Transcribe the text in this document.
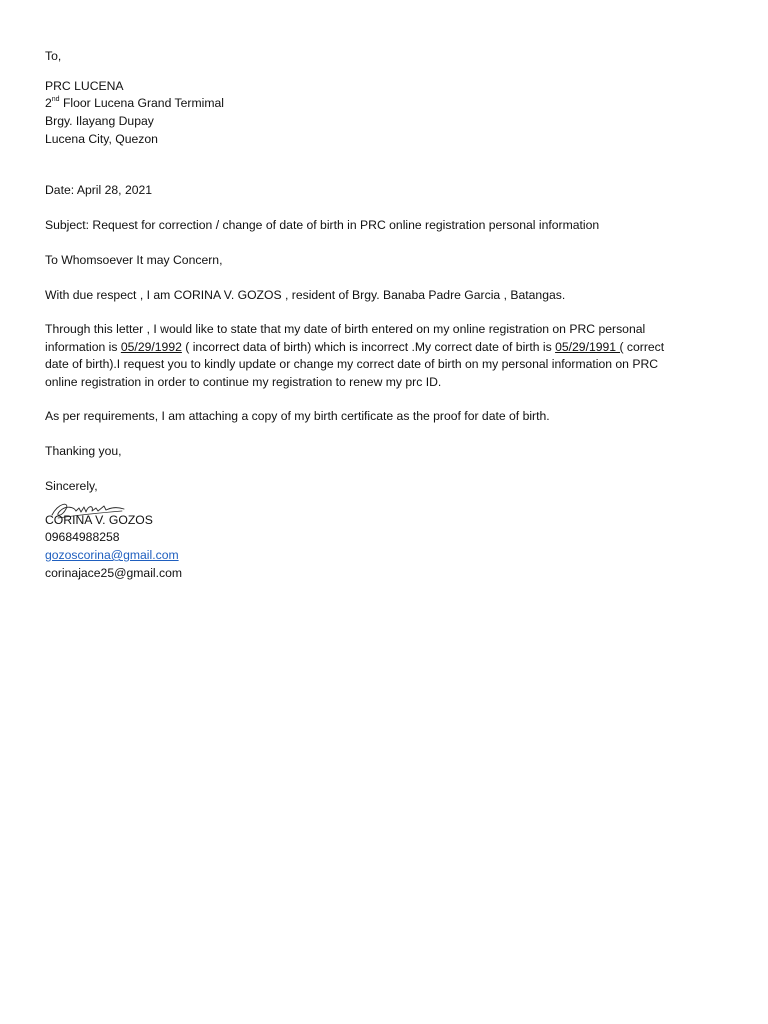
To,
PRC LUCENA
2nd Floor Lucena Grand Termimal
Brgy. Ilayang Dupay
Lucena City, Quezon
Date: April 28, 2021
Subject: Request for correction / change of date of birth in PRC online registration personal information
To Whomsoever It may Concern,
With due respect , I am CORINA V. GOZOS , resident of Brgy. Banaba Padre Garcia , Batangas.
Through this letter , I would like to state that my date of birth entered on my online registration on PRC personal
information is 05/29/1992 ( incorrect data of birth) which is incorrect .My correct date of birth is 05/29/1991 ( correct
date of birth).I request you to kindly update or change my correct date of birth on my personal information on PRC
online registration in order to continue my registration to renew my prc ID.
As per requirements, I am attaching a copy of my birth certificate as the proof for date of birth.
Thanking you,
Sincerely,
CORINA V. GOZOS
09684988258
gozoscorina@gmail.com
corinajace25@gmail.com
